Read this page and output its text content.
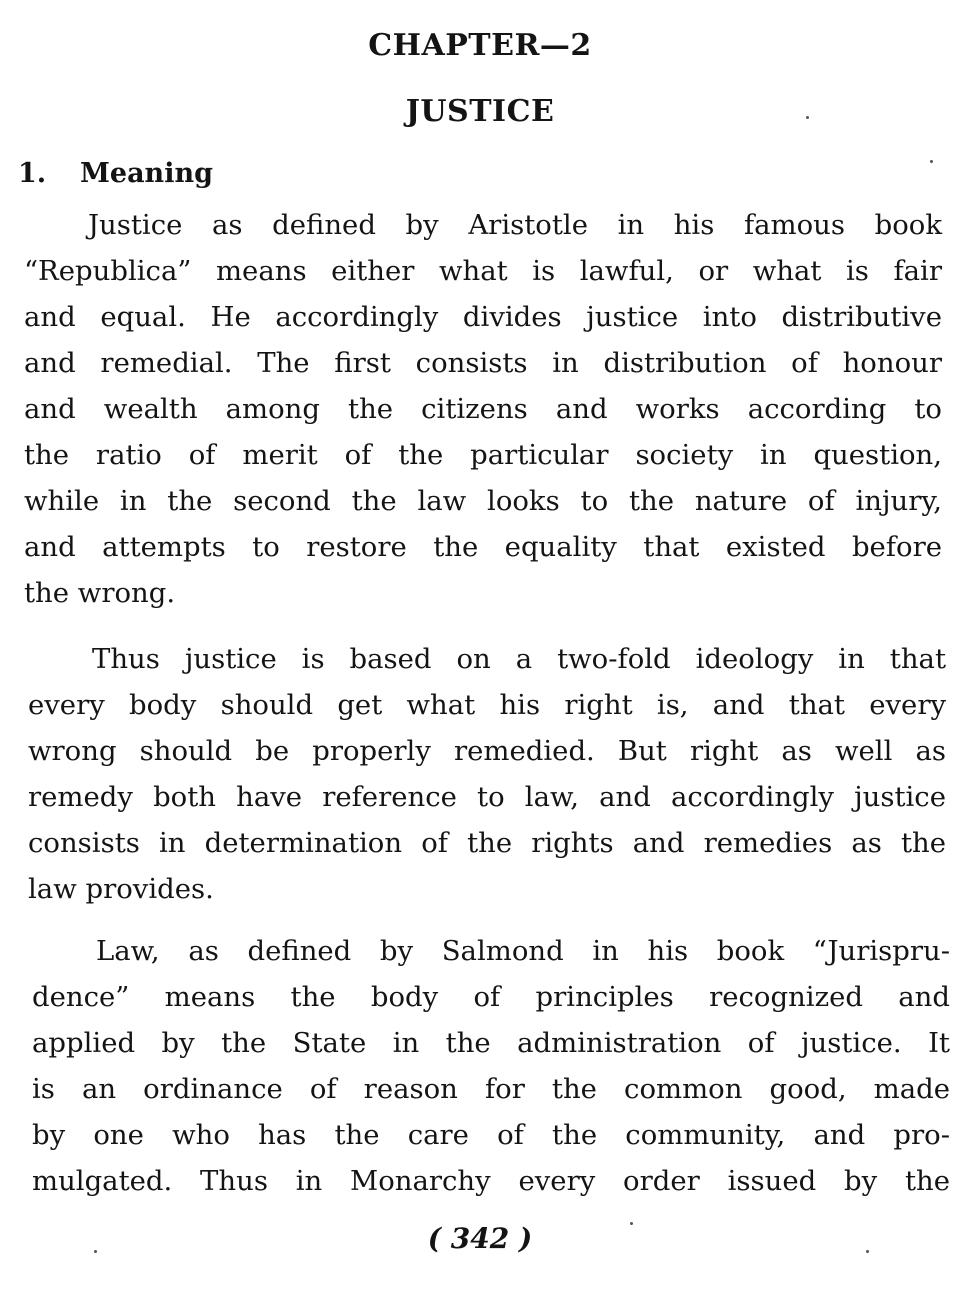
CHAPTER—2
JUSTICE
1. Meaning
Justice as defined by Aristotle in his famous book
“Republica” means either what is lawful, or what is fair
and equal. He accordingly divides justice into distributive
and remedial. The first consists in distribution of honour
and wealth among the citizens and works according to
the ratio of merit of the particular society in question,
while in the second the law looks to the nature of injury,
and attempts to restore the equality that existed before
the wrong.
Thus justice is based on a two-fold ideology in that
every body should get what his right is, and that every
wrong should be properly remedied. But right as well as
remedy both have reference to law, and accordingly justice
consists in determination of the rights and remedies as the
law provides.
Law, as defined by Salmond in his book “Jurispru-
dence” means the body of principles recognized and
applied by the State in the administration of justice. It
is an ordinance of reason for the common good, made
by one who has the care of the community, and pro-
mulgated. Thus in Monarchy every order issued by the
( 342 )
